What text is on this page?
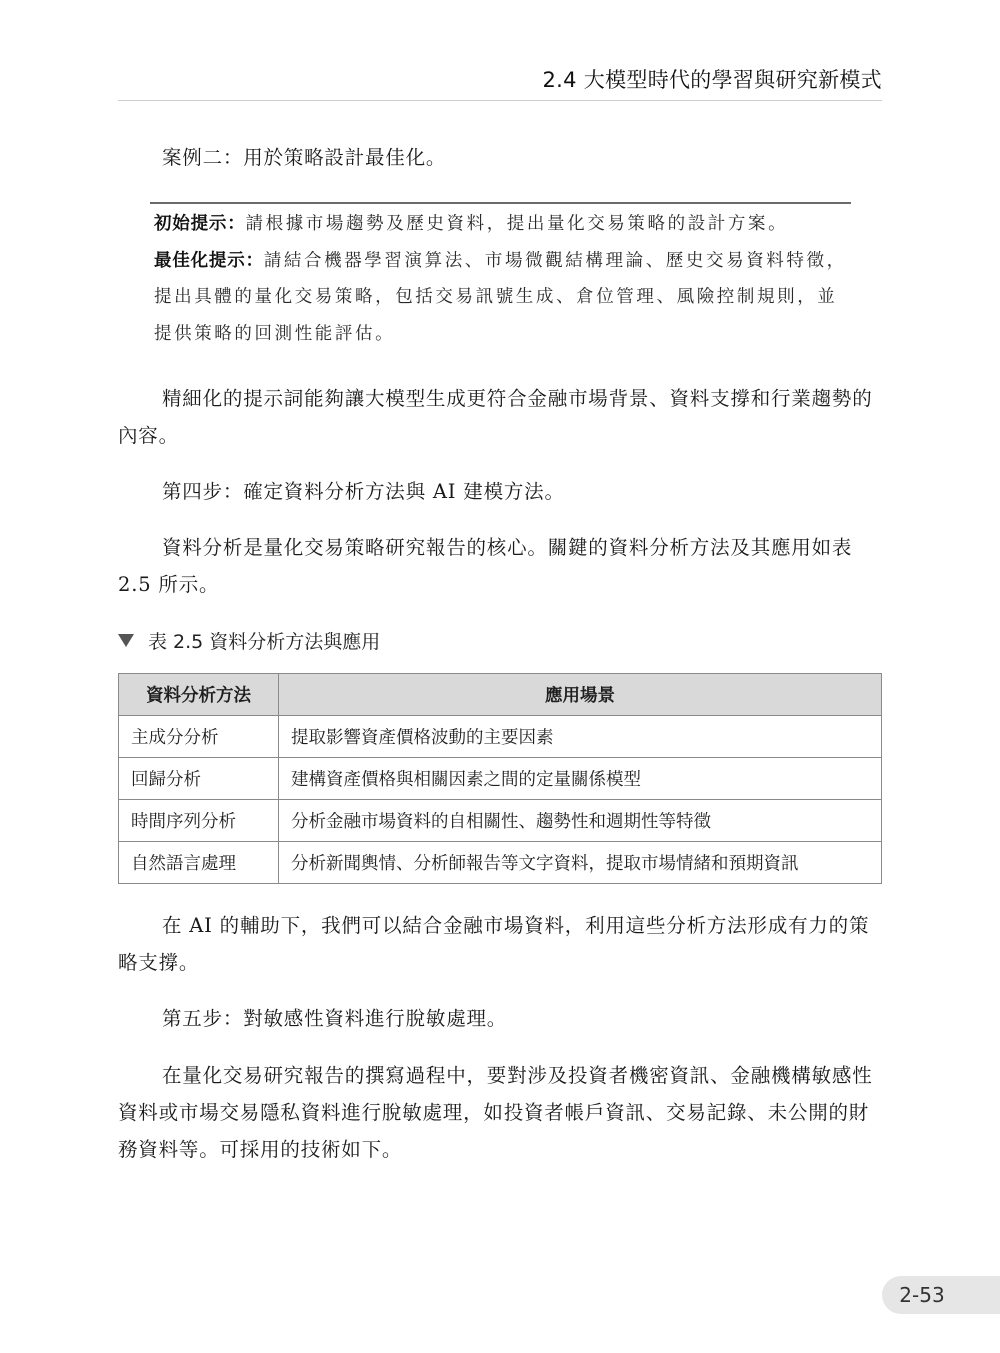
2.4 大模型時代的學習與研究新模式
案例二：用於策略設計最佳化。

初始提示：請根據市場趨勢及歷史資料，提出量化交易策略的設計方案。

最佳化提示：請結合機器學習演算法、市場微觀結構理論、歷史交易資料特徵，提出具體的量化交易策略，包括交易訊號生成、倉位管理、風險控制規則，並提供策略的回測性能評估。

精細化的提示詞能夠讓大模型生成更符合金融市場背景、資料支撐和行業趨勢的內容。

第四步：確定資料分析方法與 AI 建模方法。

資料分析是量化交易策略研究報告的核心。關鍵的資料分析方法及其應用如表 2.5 所示。

表 2.5 資料分析方法與應用
資料分析方法	應用場景
主成分分析	提取影響資產價格波動的主要因素
回歸分析	建構資產價格與相關因素之間的定量關係模型
時間序列分析	分析金融市場資料的自相關性、趨勢性和週期性等特徵
自然語言處理	分析新聞輿情、分析師報告等文字資料，提取市場情緒和預期資訊

在 AI 的輔助下，我們可以結合金融市場資料，利用這些分析方法形成有力的策略支撐。

第五步：對敏感性資料進行脫敏處理。

在量化交易研究報告的撰寫過程中，要對涉及投資者機密資訊、金融機構敏感性資料或市場交易隱私資料進行脫敏處理，如投資者帳戶資訊、交易記錄、未公開的財務資料等。可採用的技術如下。

2-53
